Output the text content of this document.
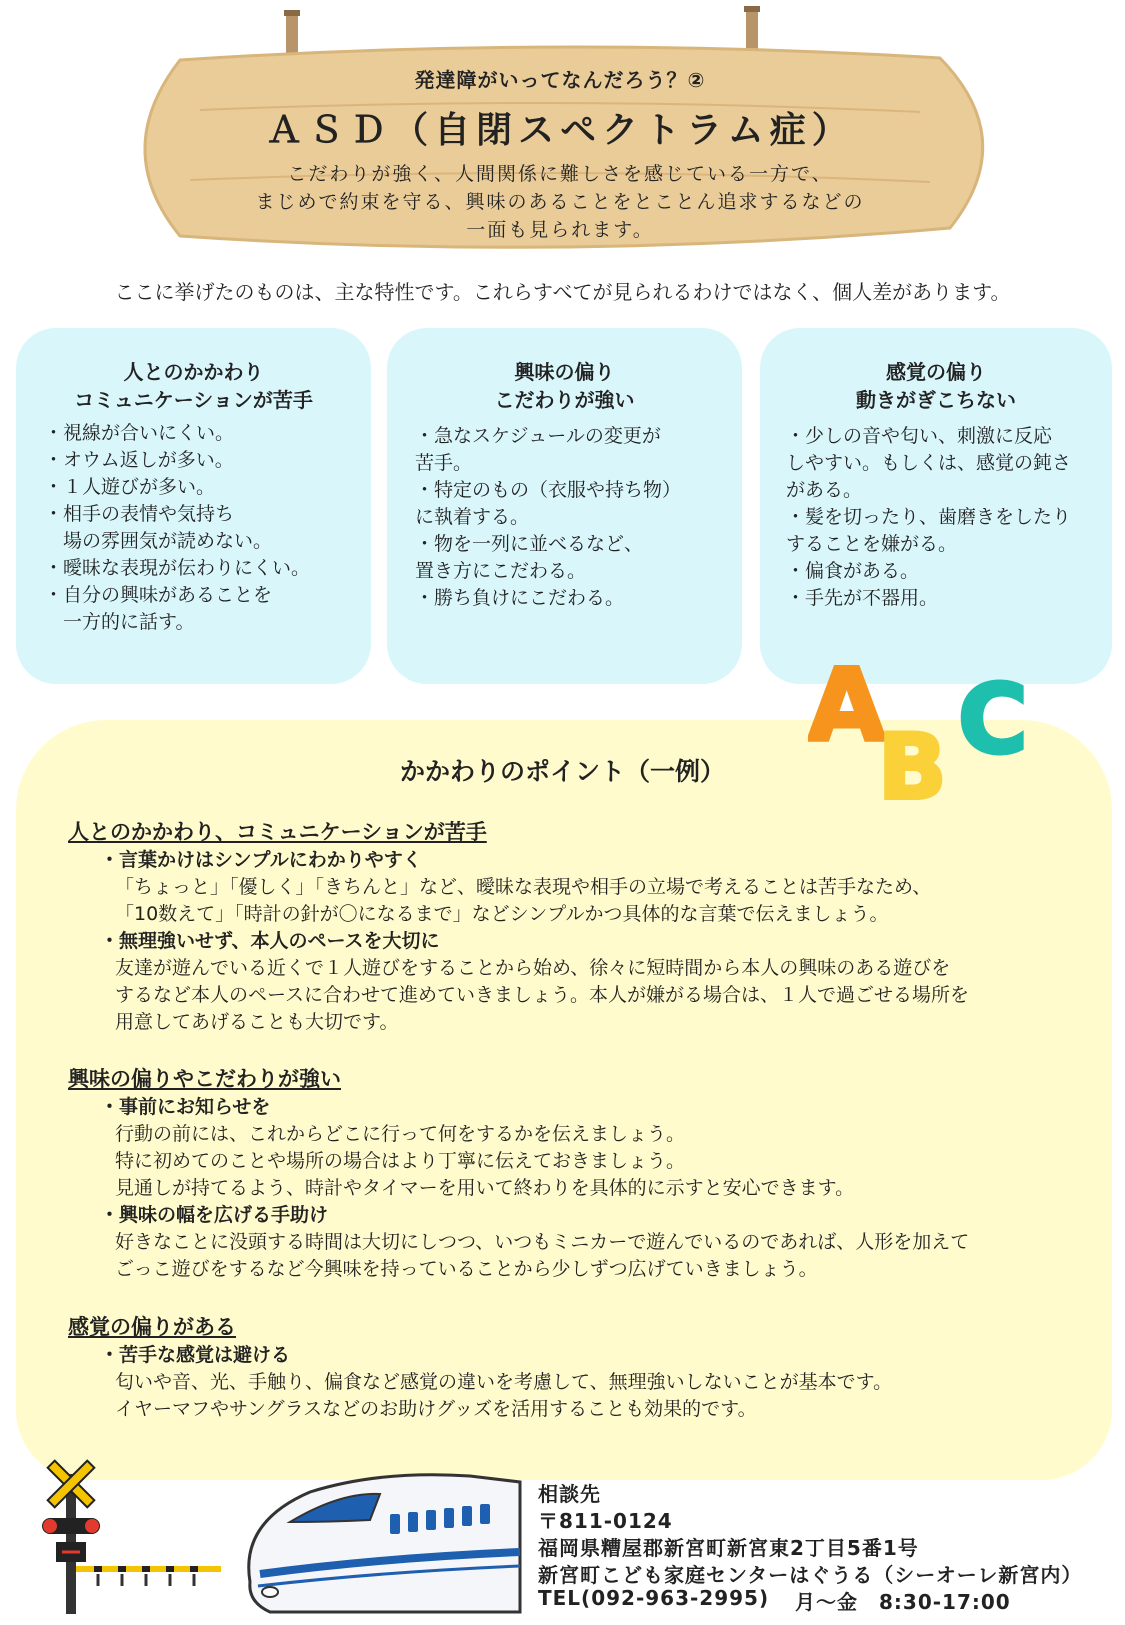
発達障がいってなんだろう？②
ＡＳＤ（自閉スペクトラム症）
こだわりが強く、人間関係に難しさを感じている一方で、
まじめで約束を守る、興味のあることをとことん追求するなどの
一面も見られます。
ここに挙げたのものは、主な特性です。これらすべてが見られるわけではなく、個人差があります。
人とのかかわり
コミュニケーションが苦手
・視線が合いにくい。
・オウム返しが多い。
・１人遊びが多い。
・相手の表情や気持ち
　場の雰囲気が読めない。
・曖昧な表現が伝わりにくい。
・自分の興味があることを
　一方的に話す。
興味の偏り
こだわりが強い
・急なスケジュールの変更が
苦手。
・特定のもの（衣服や持ち物）
に執着する。
・物を一列に並べるなど、
置き方にこだわる。
・勝ち負けにこだわる。
感覚の偏り
動きがぎこちない
・少しの音や匂い、刺激に反応
しやすい。もしくは、感覚の鈍さ
がある。
・髪を切ったり、歯磨きをしたり
することを嫌がる。
・偏食がある。
・手先が不器用。
A
B C
かかわりのポイント（一例）
人とのかかわり、コミュニケーションが苦手
・言葉かけはシンプルにわかりやすく
「ちょっと」「優しく」「きちんと」など、曖昧な表現や相手の立場で考えることは苦手なため、
「10数えて」「時計の針が〇になるまで」などシンプルかつ具体的な言葉で伝えましょう。
・無理強いせず、本人のペースを大切に
友達が遊んでいる近くで１人遊びをすることから始め、徐々に短時間から本人の興味のある遊びを
するなど本人のペースに合わせて進めていきましょう。本人が嫌がる場合は、１人で過ごせる場所を
用意してあげることも大切です。
興味の偏りやこだわりが強い
・事前にお知らせを
行動の前には、これからどこに行って何をするかを伝えましょう。
特に初めてのことや場所の場合はより丁寧に伝えておきましょう。
見通しが持てるよう、時計やタイマーを用いて終わりを具体的に示すと安心できます。
・興味の幅を広げる手助け
好きなことに没頭する時間は大切にしつつ、いつもミニカーで遊んでいるのであれば、人形を加えて
ごっこ遊びをするなど今興味を持っていることから少しずつ広げていきましょう。
感覚の偏りがある
・苦手な感覚は避ける
匂いや音、光、手触り、偏食など感覚の違いを考慮して、無理強いしないことが基本です。
イヤーマフやサングラスなどのお助けグッズを活用することも効果的です。
相談先
〒811-0124
福岡県糟屋郡新宮町新宮東2丁目5番1号
新宮町こども家庭センターはぐうる（シーオーレ新宮内）
TEL(092-963-2995) 月～金　8:30-17:00
